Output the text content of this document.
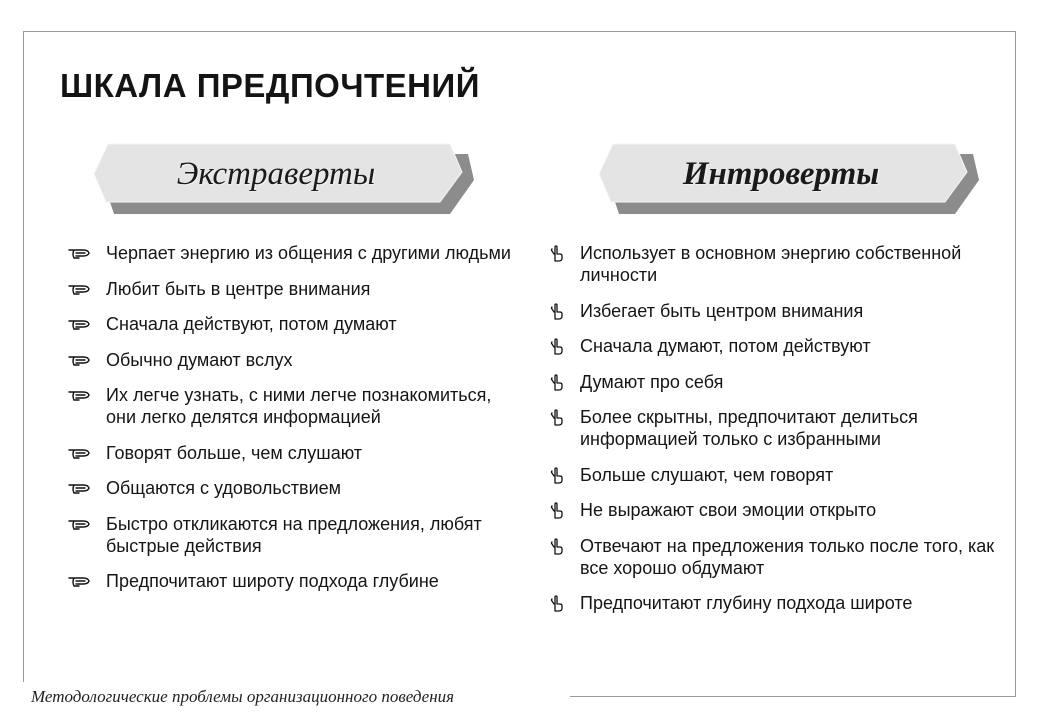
ШКАЛА ПРЕДПОЧТЕНИЙ
Экстраверты	Интроверты
Черпает энергию из общения с другими людьми
Любит быть в центре внимания
Сначала действуют, потом думают
Обычно думают вслух
Их легче узнать, с ними легче познакомиться, они легко делятся информацией
Говорят больше, чем слушают
Общаются с удовольствием
Быстро откликаются на предложения, любят быстрые действия
Предпочитают широту подхода глубине
Использует в основном энергию собственной личности
Избегает быть центром внимания
Сначала думают, потом действуют
Думают про себя
Более скрытны, предпочитают делиться информацией только с избранными
Больше слушают, чем говорят
Не выражают свои эмоции открыто
Отвечают на предложения только после того, как все хорошо обдумают
Предпочитают глубину подхода широте
Методологические проблемы организационного поведения
